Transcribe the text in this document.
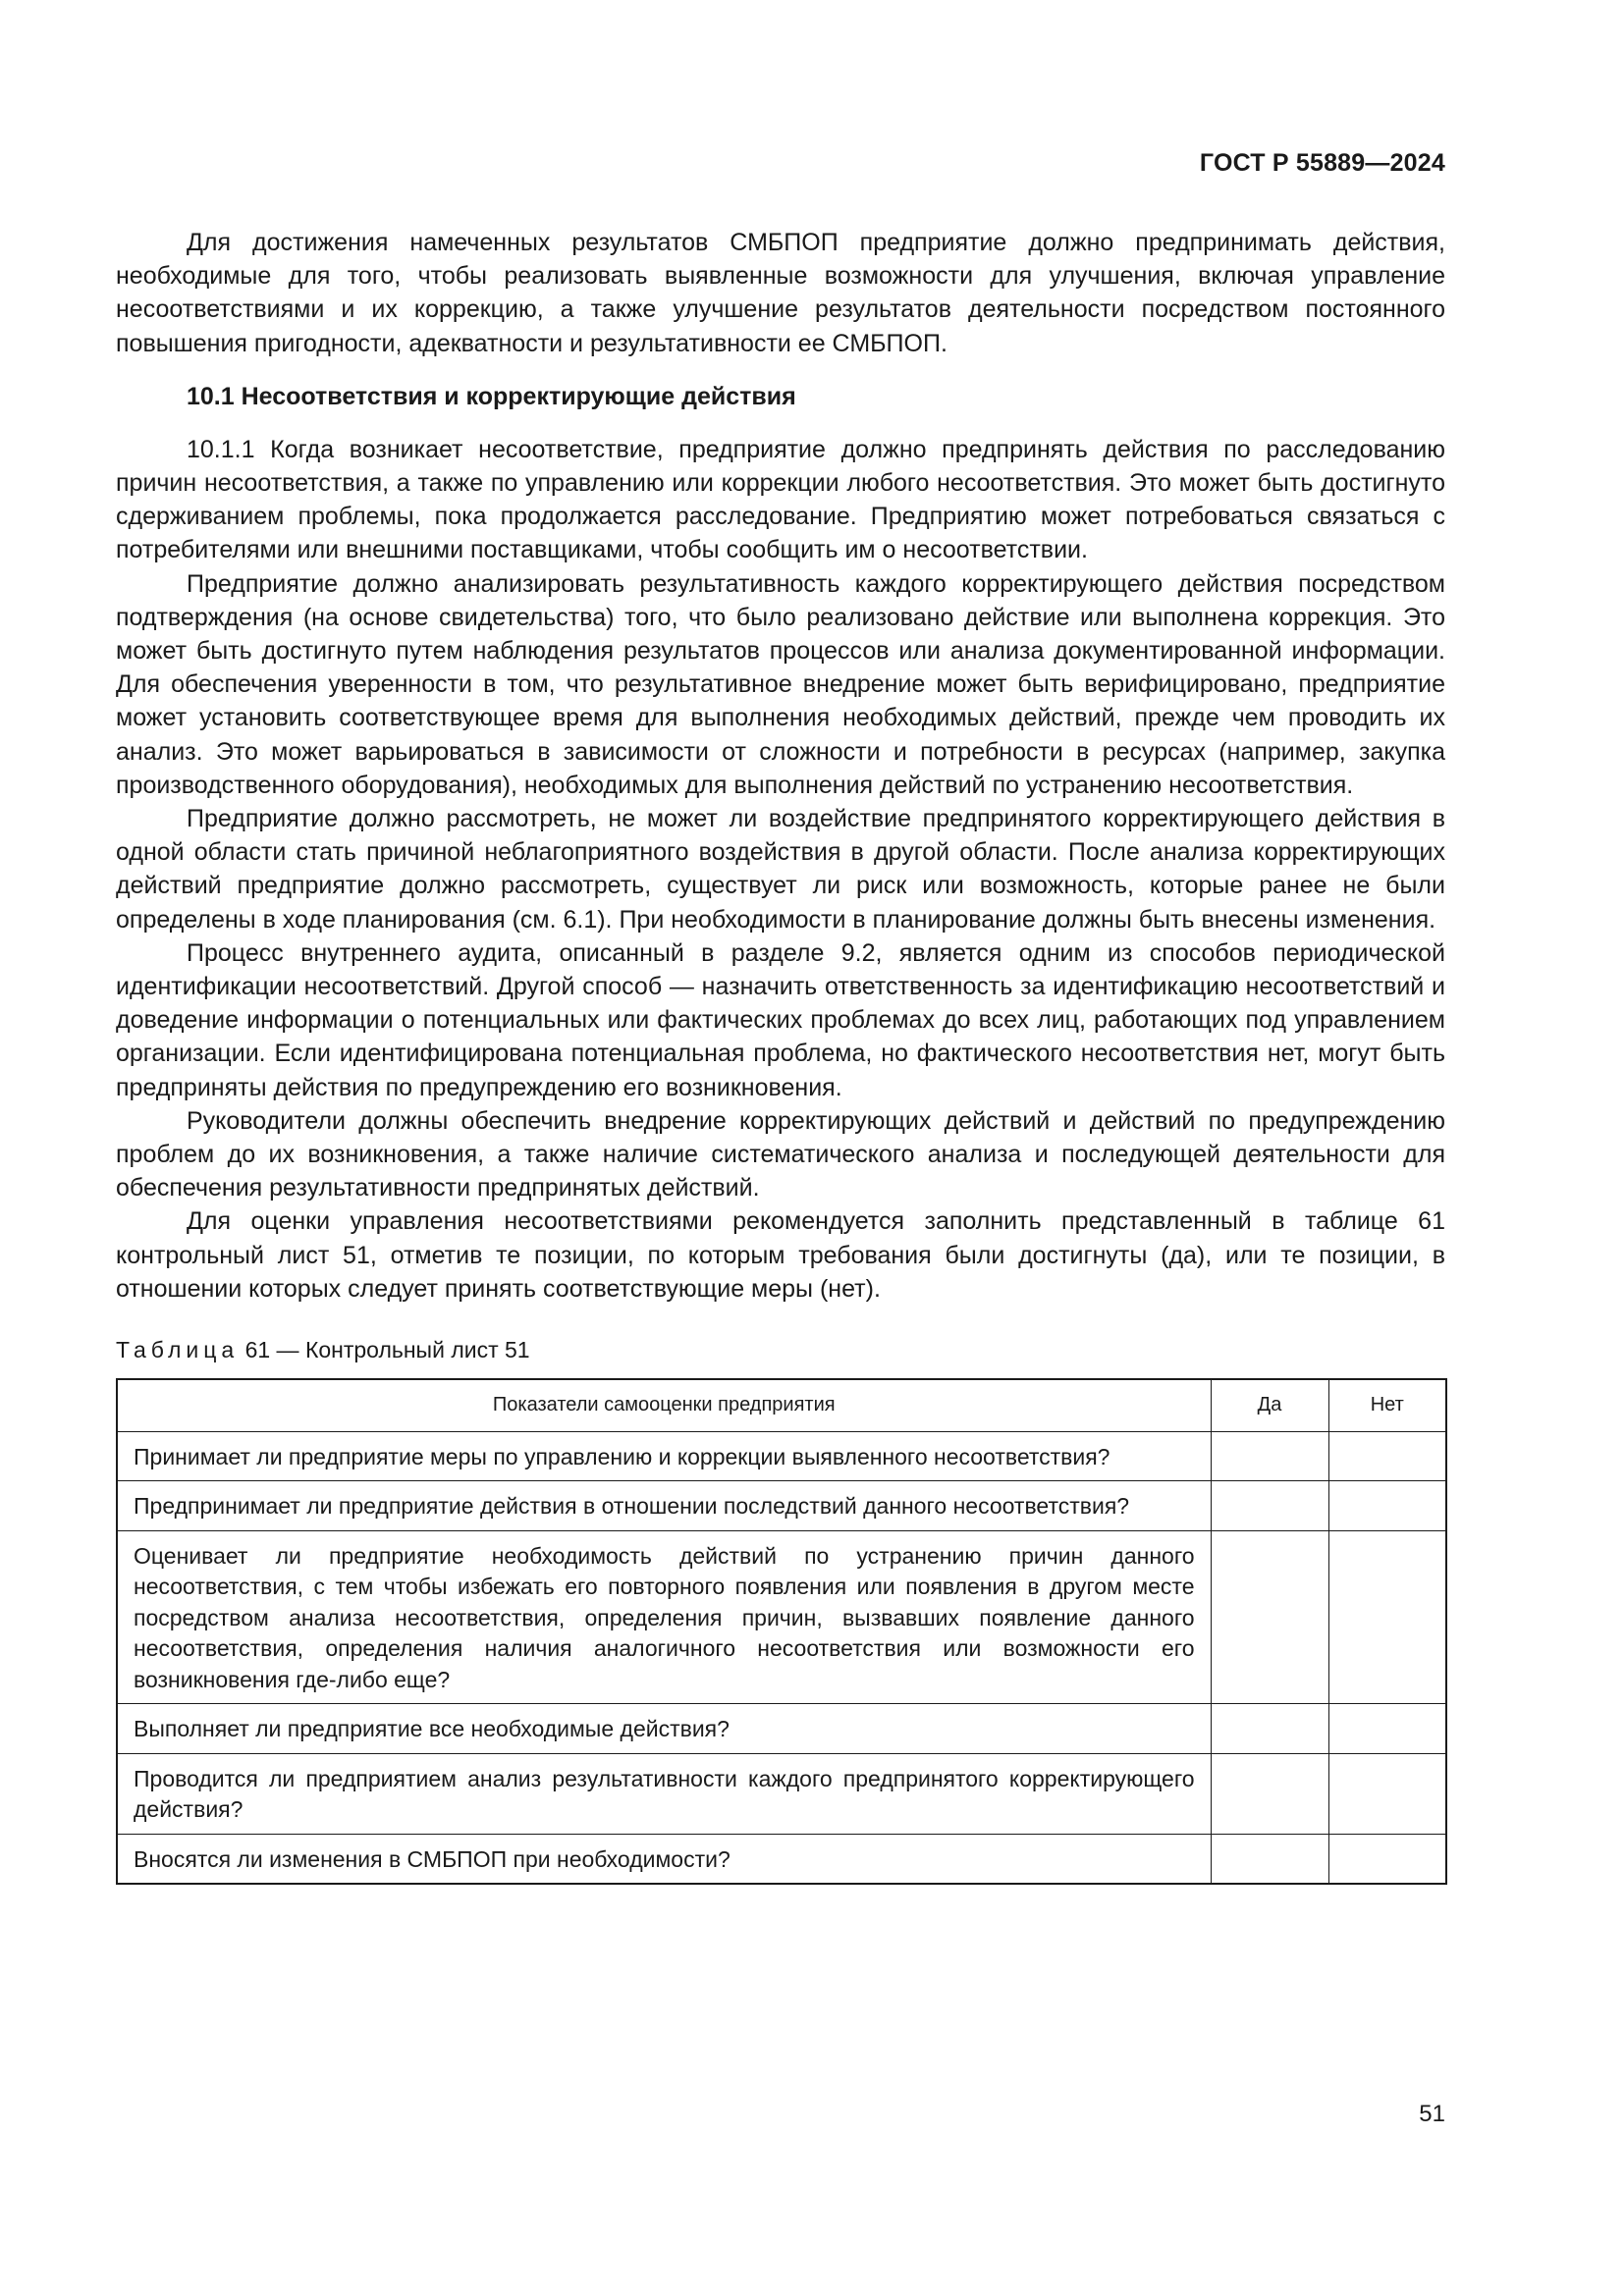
ГОСТ Р 55889—2024

Для достижения намеченных результатов СМБПОП предприятие должно предпринимать действия, необходимые для того, чтобы реализовать выявленные возможности для улучшения, включая управление несоответствиями и их коррекцию, а также улучшение результатов деятельности посредством постоянного повышения пригодности, адекватности и результативности ее СМБПОП.

10.1 Несоответствия и корректирующие действия

10.1.1 Когда возникает несоответствие, предприятие должно предпринять действия по расследованию причин несоответствия, а также по управлению или коррекции любого несоответствия. Это может быть достигнуто сдерживанием проблемы, пока продолжается расследование. Предприятию может потребоваться связаться с потребителями или внешними поставщиками, чтобы сообщить им о несоответствии.

Предприятие должно анализировать результативность каждого корректирующего действия посредством подтверждения (на основе свидетельства) того, что было реализовано действие или выполнена коррекция. Это может быть достигнуто путем наблюдения результатов процессов или анализа документированной информации. Для обеспечения уверенности в том, что результативное внедрение может быть верифицировано, предприятие может установить соответствующее время для выполнения необходимых действий, прежде чем проводить их анализ. Это может варьироваться в зависимости от сложности и потребности в ресурсах (например, закупка производственного оборудования), необходимых для выполнения действий по устранению несоответствия.

Предприятие должно рассмотреть, не может ли воздействие предпринятого корректирующего действия в одной области стать причиной неблагоприятного воздействия в другой области. После анализа корректирующих действий предприятие должно рассмотреть, существует ли риск или возможность, которые ранее не были определены в ходе планирования (см. 6.1). При необходимости в планирование должны быть внесены изменения.

Процесс внутреннего аудита, описанный в разделе 9.2, является одним из способов периодической идентификации несоответствий. Другой способ — назначить ответственность за идентификацию несоответствий и доведение информации о потенциальных или фактических проблемах до всех лиц, работающих под управлением организации. Если идентифицирована потенциальная проблема, но фактического несоответствия нет, могут быть предприняты действия по предупреждению его возникновения.

Руководители должны обеспечить внедрение корректирующих действий и действий по предупреждению проблем до их возникновения, а также наличие систематического анализа и последующей деятельности для обеспечения результативности предпринятых действий.

Для оценки управления несоответствиями рекомендуется заполнить представленный в таблице 61 контрольный лист 51, отметив те позиции, по которым требования были достигнуты (да), или те позиции, в отношении которых следует принять соответствующие меры (нет).

Таблица 61 — Контрольный лист 51
Показатели самооценки предприятия	Да	Нет
Принимает ли предприятие меры по управлению и коррекции выявленного несоответствия?		
Предпринимает ли предприятие действия в отношении последствий данного несоответствия?		
Оценивает ли предприятие необходимость действий по устранению причин данного несоответствия, с тем чтобы избежать его повторного появления или появления в другом месте посредством анализа несоответствия, определения причин, вызвавших появление данного несоответствия, определения наличия аналогичного несоответствия или возможности его возникновения где-либо еще?		
Выполняет ли предприятие все необходимые действия?		
Проводится ли предприятием анализ результативности каждого предпринятого корректирующего действия?		
Вносятся ли изменения в СМБПОП при необходимости?		
51
